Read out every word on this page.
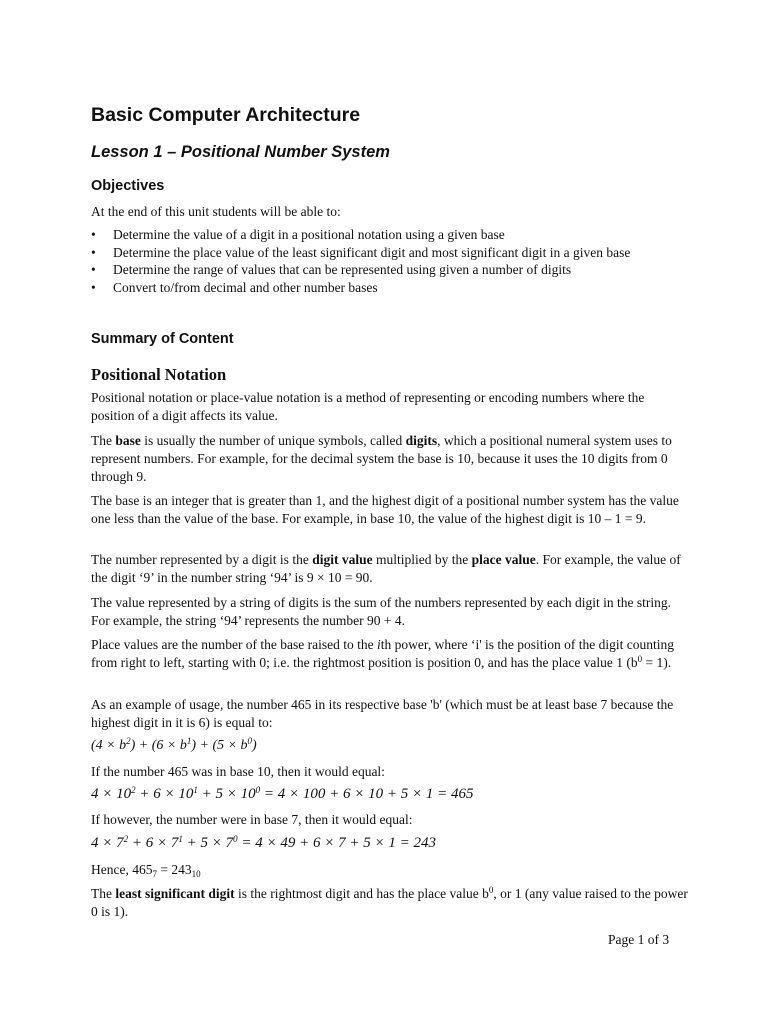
Basic Computer Architecture
Lesson 1 – Positional Number System
Objectives

At the end of this unit students will be able to:

•	Determine the value of a digit in a positional notation using a given base
•	Determine the place value of the least significant digit and most significant digit in a given base
•	Determine the range of values that can be represented using given a number of digits
•	Convert to/from decimal and other number bases
Summary of Content
Positional Notation

Positional notation or place-value notation is a method of representing or encoding numbers where the position of a digit affects its value.

The base is usually the number of unique symbols, called digits, which a positional numeral system uses to represent numbers. For example, for the decimal system the base is 10, because it uses the 10 digits from 0 through 9.

The base is an integer that is greater than 1, and the highest digit of a positional number system has the value one less than the value of the base. For example, in base 10, the value of the highest digit is 10 – 1 = 9.

The number represented by a digit is the digit value multiplied by the place value. For example, the value of the digit ‘9’ in the number string ‘94’ is 9 × 10 = 90.

The value represented by a string of digits is the sum of the numbers represented by each digit in the string. For example, the string ‘94’ represents the number 90 + 4.

Place values are the number of the base raised to the ith power, where ‘i' is the position of the digit counting from right to left, starting with 0; i.e. the rightmost position is position 0, and has the place value 1 $(b^0 = 1)$.

As an example of usage, the number 465 in its respective base 'b' (which must be at least base 7 because the highest digit in it is 6) is equal to:

$(4 \times b^2) + (6 \times b^1) + (5 \times b^0)$

If the number 465 was in base 10, then it would equal:

$4 \times 10^2 + 6 \times 10^1 + 5 \times 10^0 = 4 \times 100 + 6 \times 10 + 5 \times 1 = 465$

If however, the number were in base 7, then it would equal:

$4 \times 7^2 + 6 \times 7^1 + 5 \times 7^0 = 4 \times 49 + 6 \times 7 + 5 \times 1 = 243$

Hence, $465_7 = 243_{10}$

The least significant digit is the rightmost digit and has the place value $b^0$, or 1 (any value raised to the power 0 is 1).

Page 1 of 3
